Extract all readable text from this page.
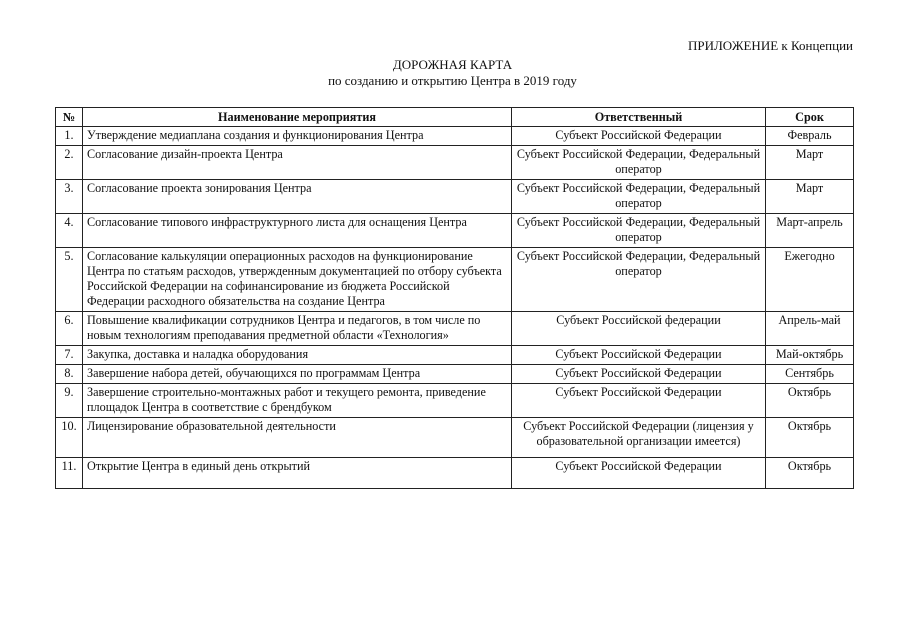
ПРИЛОЖЕНИЕ к Концепции
ДОРОЖНАЯ КАРТА
по созданию и открытию Центра в 2019 году
№	Наименование мероприятия	Ответственный	Срок
1.	Утверждение медиаплана создания и функционирования Центра	Субъект Российской Федерации	Февраль
2.	Согласование дизайн-проекта Центра	Субъект Российской Федерации, Федеральный оператор	Март
3.	Согласование проекта зонирования Центра	Субъект Российской Федерации, Федеральный оператор	Март
4.	Согласование типового инфраструктурного листа для оснащения Центра	Субъект Российской Федерации, Федеральный оператор	Март-апрель
5.	Согласование калькуляции операционных расходов на функционирование Центра по статьям расходов, утвержденным документацией по отбору субъекта Российской Федерации на софинансирование из бюджета Российской Федерации расходного обязательства на создание Центра	Субъект Российской Федерации, Федеральный оператор	Ежегодно
6.	Повышение квалификации сотрудников Центра и педагогов, в том числе по новым технологиям преподавания предметной области «Технология»	Субъект Российской федерации	Апрель-май
7.	Закупка, доставка и наладка оборудования	Субъект Российской Федерации	Май-октябрь
8.	Завершение набора детей, обучающихся по программам Центра	Субъект Российской Федерации	Сентябрь
9.	Завершение строительно-монтажных работ и текущего ремонта, приведение площадок Центра в соответствие с брендбуком	Субъект Российской Федерации	Октябрь
10.	Лицензирование образовательной деятельности	Субъект Российской Федерации (лицензия у образовательной организации имеется)	Октябрь
11.	Открытие Центра в единый день открытий	Субъект Российской Федерации	Октябрь
